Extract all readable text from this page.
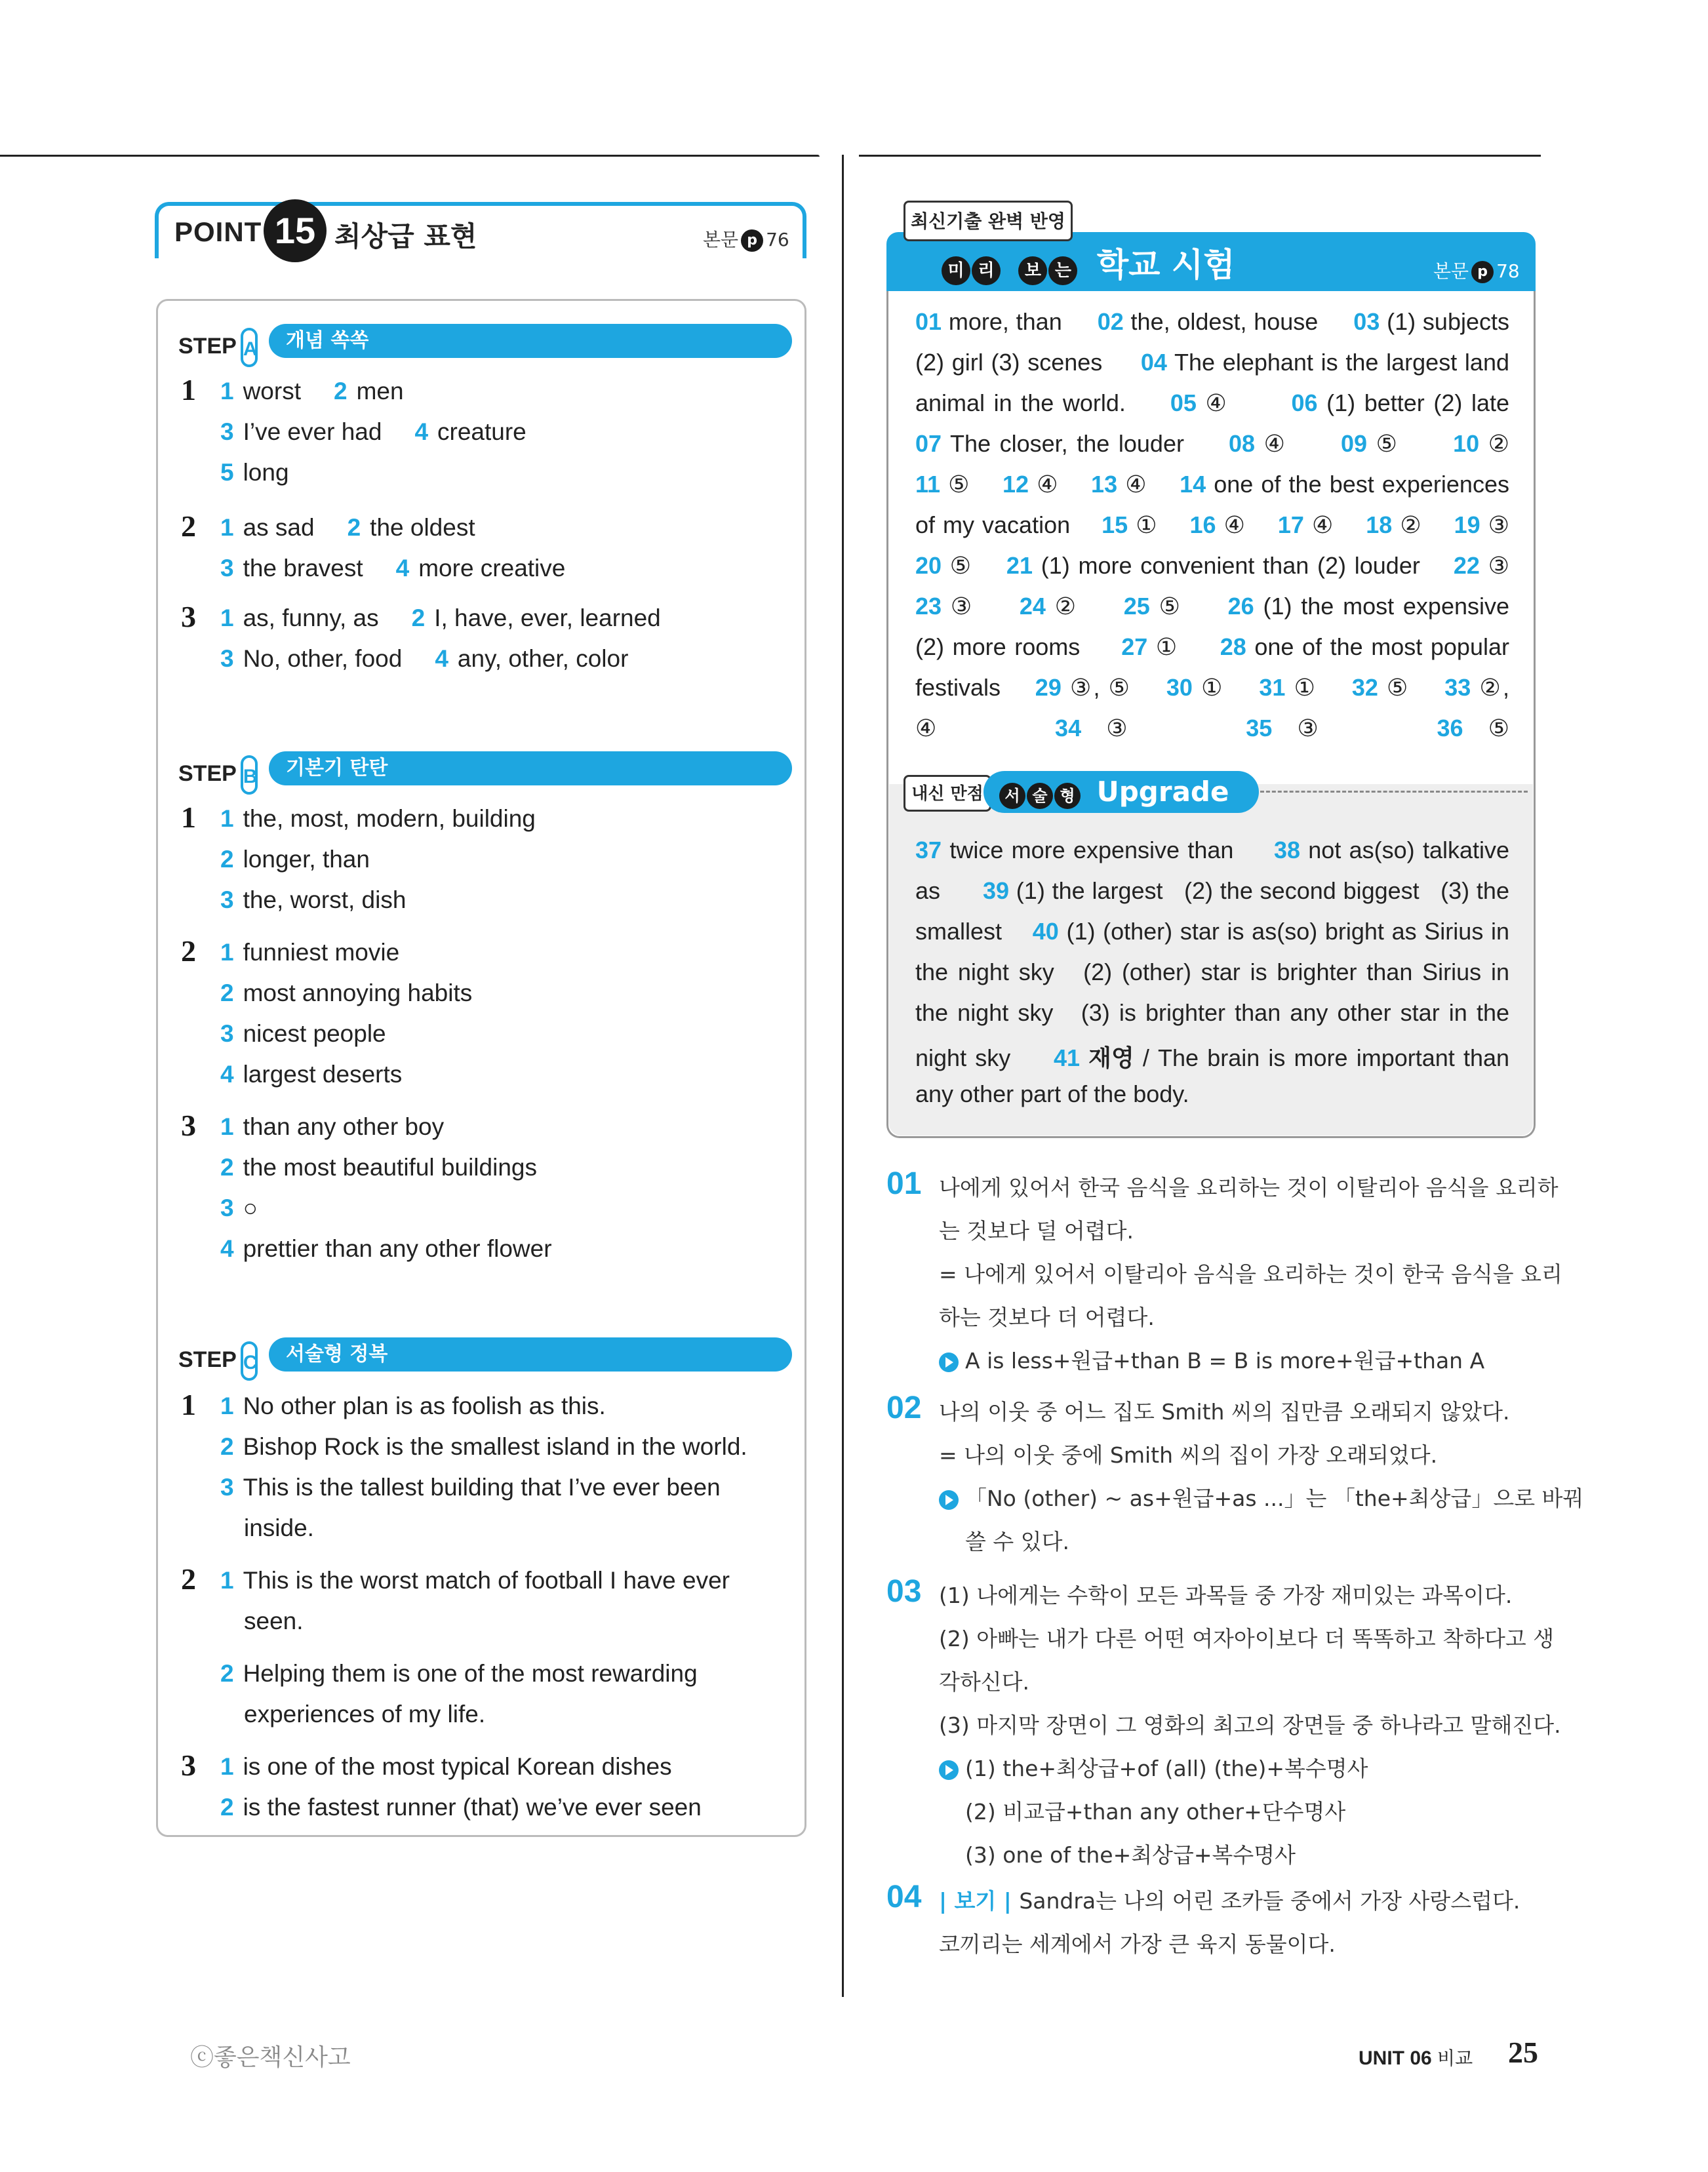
POINT 15 최상급 표현	본문 p 76
STEP A	개념 쏙쏙
1 1 worst 2 men
3 I’ve ever had 4 creature
5 long
2 1 as sad 2 the oldest
3 the bravest 4 more creative
3 1 as, funny, as 2 I, have, ever, learned
3 No, other, food 4 any, other, color
STEP B	기본기 탄탄
1 1 the, most, modern, building
2 longer, than
3 the, worst, dish
2 1 funniest movie
2 most annoying habits
3 nicest people
4 largest deserts
3 1 than any other boy
2 the most beautiful buildings
3 ○
4 prettier than any other flower
STEP C	서술형 정복
1 1 No other plan is as foolish as this.
2 Bishop Rock is the smallest island in the world.
3 This is the tallest building that I’ve ever been
inside.
2 1 This is the worst match of football I have ever
seen.
2 Helping them is one of the most rewarding
experiences of my life.
3 1 is one of the most typical Korean dishes
2 is the fastest runner (that) we’ve ever seen
최신기출 완벽 반영
미 리 보 는 학교 시험	본문 p 78
01 more, than     02 the, oldest, house     03 (1) subjects
(2) girl (3) scenes     04 The elephant is the largest land
animal in the world.     05 ④       06 (1) better (2) late
07 The closer, the louder     08 ④      09 ⑤      10 ②
11 ⑤    12 ④    13 ④    14 one of the best experiences
of my vacation    15 ①    16 ④    17 ④    18 ②    19 ③
20 ⑤    21 (1) more convenient than (2) louder    22 ③
23 ③     24 ②     25 ⑤     26 (1) the most expensive
(2) more rooms     27 ①     28 one of the most popular
festivals    29 ③, ⑤    30 ①    31 ①    32 ⑤    33 ②,
④    34 ③    35 ③    36 ⑤
내신 만점	서 술 형 Upgrade
37 twice more expensive than     38 not as(so) talkative
as      39 (1) the largest   (2) the second biggest   (3) the
smallest    40 (1) (other) star is as(so) bright as Sirius in
the night sky   (2) (other) star is brighter than Sirius in
the night sky   (3) is brighter than any other star in the
night sky     41 재영 / The brain is more important than
any other part of the body.
01 나에게 있어서 한국 음식을 요리하는 것이 이탈리아 음식을 요리하
는 것보다 덜 어렵다.
= 나에게 있어서 이탈리아 음식을 요리하는 것이 한국 음식을 요리
하는 것보다 더 어렵다.
A is less+원급+than B = B is more+원급+than A
02 나의 이웃 중 어느 집도 Smith 씨의 집만큼 오래되지 않았다.
= 나의 이웃 중에 Smith 씨의 집이 가장 오래되었다.
「No (other) ~ as+원급+as ...」는 「the+최상급」으로 바꿔
쓸 수 있다.
03 (1) 나에게는 수학이 모든 과목들 중 가장 재미있는 과목이다.
(2) 아빠는 내가 다른 어떤 여자아이보다 더 똑똑하고 착하다고 생
각하신다.
(3) 마지막 장면이 그 영화의 최고의 장면들 중 하나라고 말해진다.
(1) the+최상급+of (all) (the)+복수명사
(2) 비교급+than any other+단수명사
(3) one of the+최상급+복수명사
04 | 보기 | Sandra는 나의 어린 조카들 중에서 가장 사랑스럽다.
코끼리는 세계에서 가장 큰 육지 동물이다.
ⓒ좋은책신사고	UNIT 06 비교 25
